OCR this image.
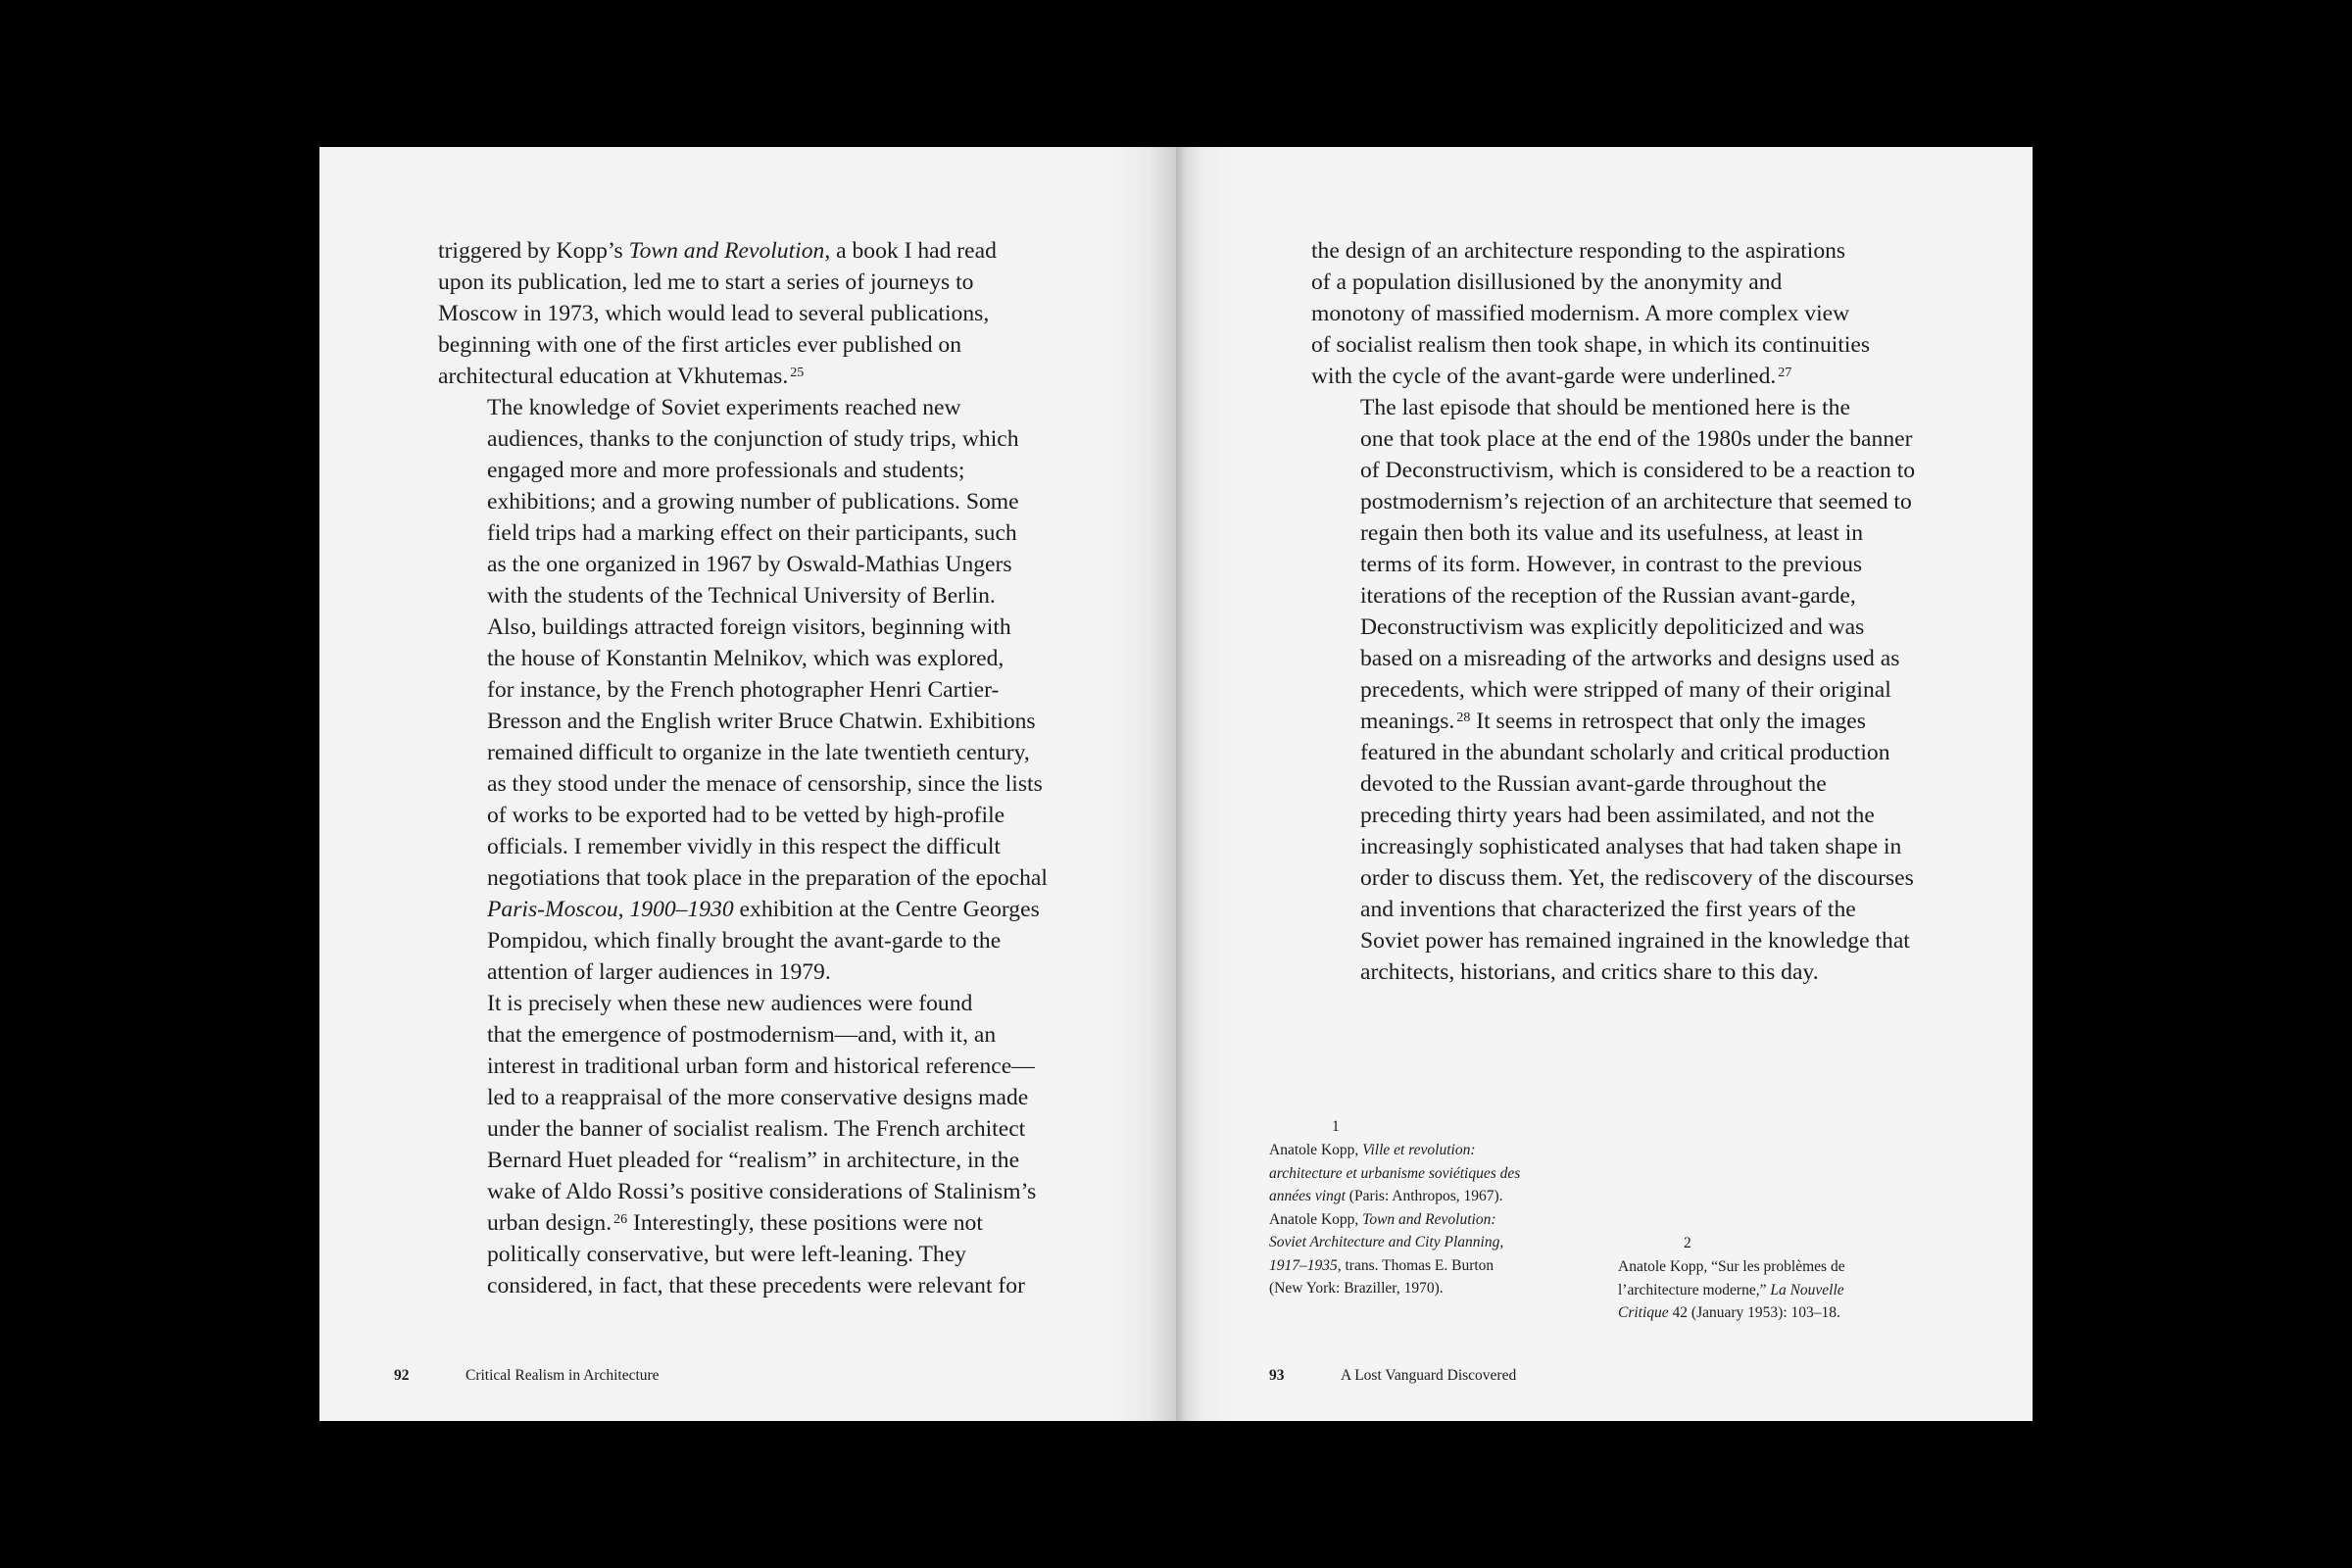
triggered by Kopp’s Town and Revolution, a book I had read
upon its publication, led me to start a series of journeys to
Moscow in 1973, which would lead to several publications,
beginning with one of the first articles ever published on
architectural education at Vkhutemas. $^{25}$

The knowledge of Soviet experiments reached new
audiences, thanks to the conjunction of study trips, which
engaged more and more professionals and students;
exhibitions; and a growing number of publications. Some
field trips had a marking effect on their participants, such
as the one organized in 1967 by Oswald-Mathias Ungers
with the students of the Technical University of Berlin.
Also, buildings attracted foreign visitors, beginning with
the house of Konstantin Melnikov, which was explored,
for instance, by the French photographer Henri Cartier-
Bresson and the English writer Bruce Chatwin. Exhibitions
remained difficult to organize in the late twentieth century,
as they stood under the menace of censorship, since the lists
of works to be exported had to be vetted by high-profile
officials. I remember vividly in this respect the difficult
negotiations that took place in the preparation of the epochal
Paris-Moscou, 1900–1930 exhibition at the Centre Georges
Pompidou, which finally brought the avant-garde to the
attention of larger audiences in 1979.

It is precisely when these new audiences were found
that the emergence of postmodernism—and, with it, an
interest in traditional urban form and historical reference—
led to a reappraisal of the more conservative designs made
under the banner of socialist realism. The French architect
Bernard Huet pleaded for “realism” in architecture, in the
wake of Aldo Rossi’s positive considerations of Stalinism’s
urban design. $^{26}$ Interestingly, these positions were not
politically conservative, but were left-leaning. They
considered, in fact, that these precedents were relevant for

92	Critical Realism in Architecture

the design of an architecture responding to the aspirations
of a population disillusioned by the anonymity and
monotony of massified modernism. A more complex view
of socialist realism then took shape, in which its continuities
with the cycle of the avant-garde were underlined. $^{27}$

The last episode that should be mentioned here is the
one that took place at the end of the 1980s under the banner
of Deconstructivism, which is considered to be a reaction to
postmodernism’s rejection of an architecture that seemed to
regain then both its value and its usefulness, at least in
terms of its form. However, in contrast to the previous
iterations of the reception of the Russian avant-garde,
Deconstructivism was explicitly depoliticized and was
based on a misreading of the artworks and designs used as
precedents, which were stripped of many of their original
meanings. $^{28}$ It seems in retrospect that only the images
featured in the abundant scholarly and critical production
devoted to the Russian avant-garde throughout the
preceding thirty years had been assimilated, and not the
increasingly sophisticated analyses that had taken shape in
order to discuss them. Yet, the rediscovery of the discourses
and inventions that characterized the first years of the
Soviet power has remained ingrained in the knowledge that
architects, historians, and critics share to this day.

1
Anatole Kopp, Ville et revolution:
architecture et urbanisme soviétiques des
années vingt (Paris: Anthropos, 1967).
Anatole Kopp, Town and Revolution:
Soviet Architecture and City Planning,
1917–1935, trans. Thomas E. Burton
(New York: Braziller, 1970).
2
Anatole Kopp, “Sur les problèmes de
l’architecture moderne,” La Nouvelle
Critique 42 (January 1953): 103–18.
93	A Lost Vanguard Discovered
